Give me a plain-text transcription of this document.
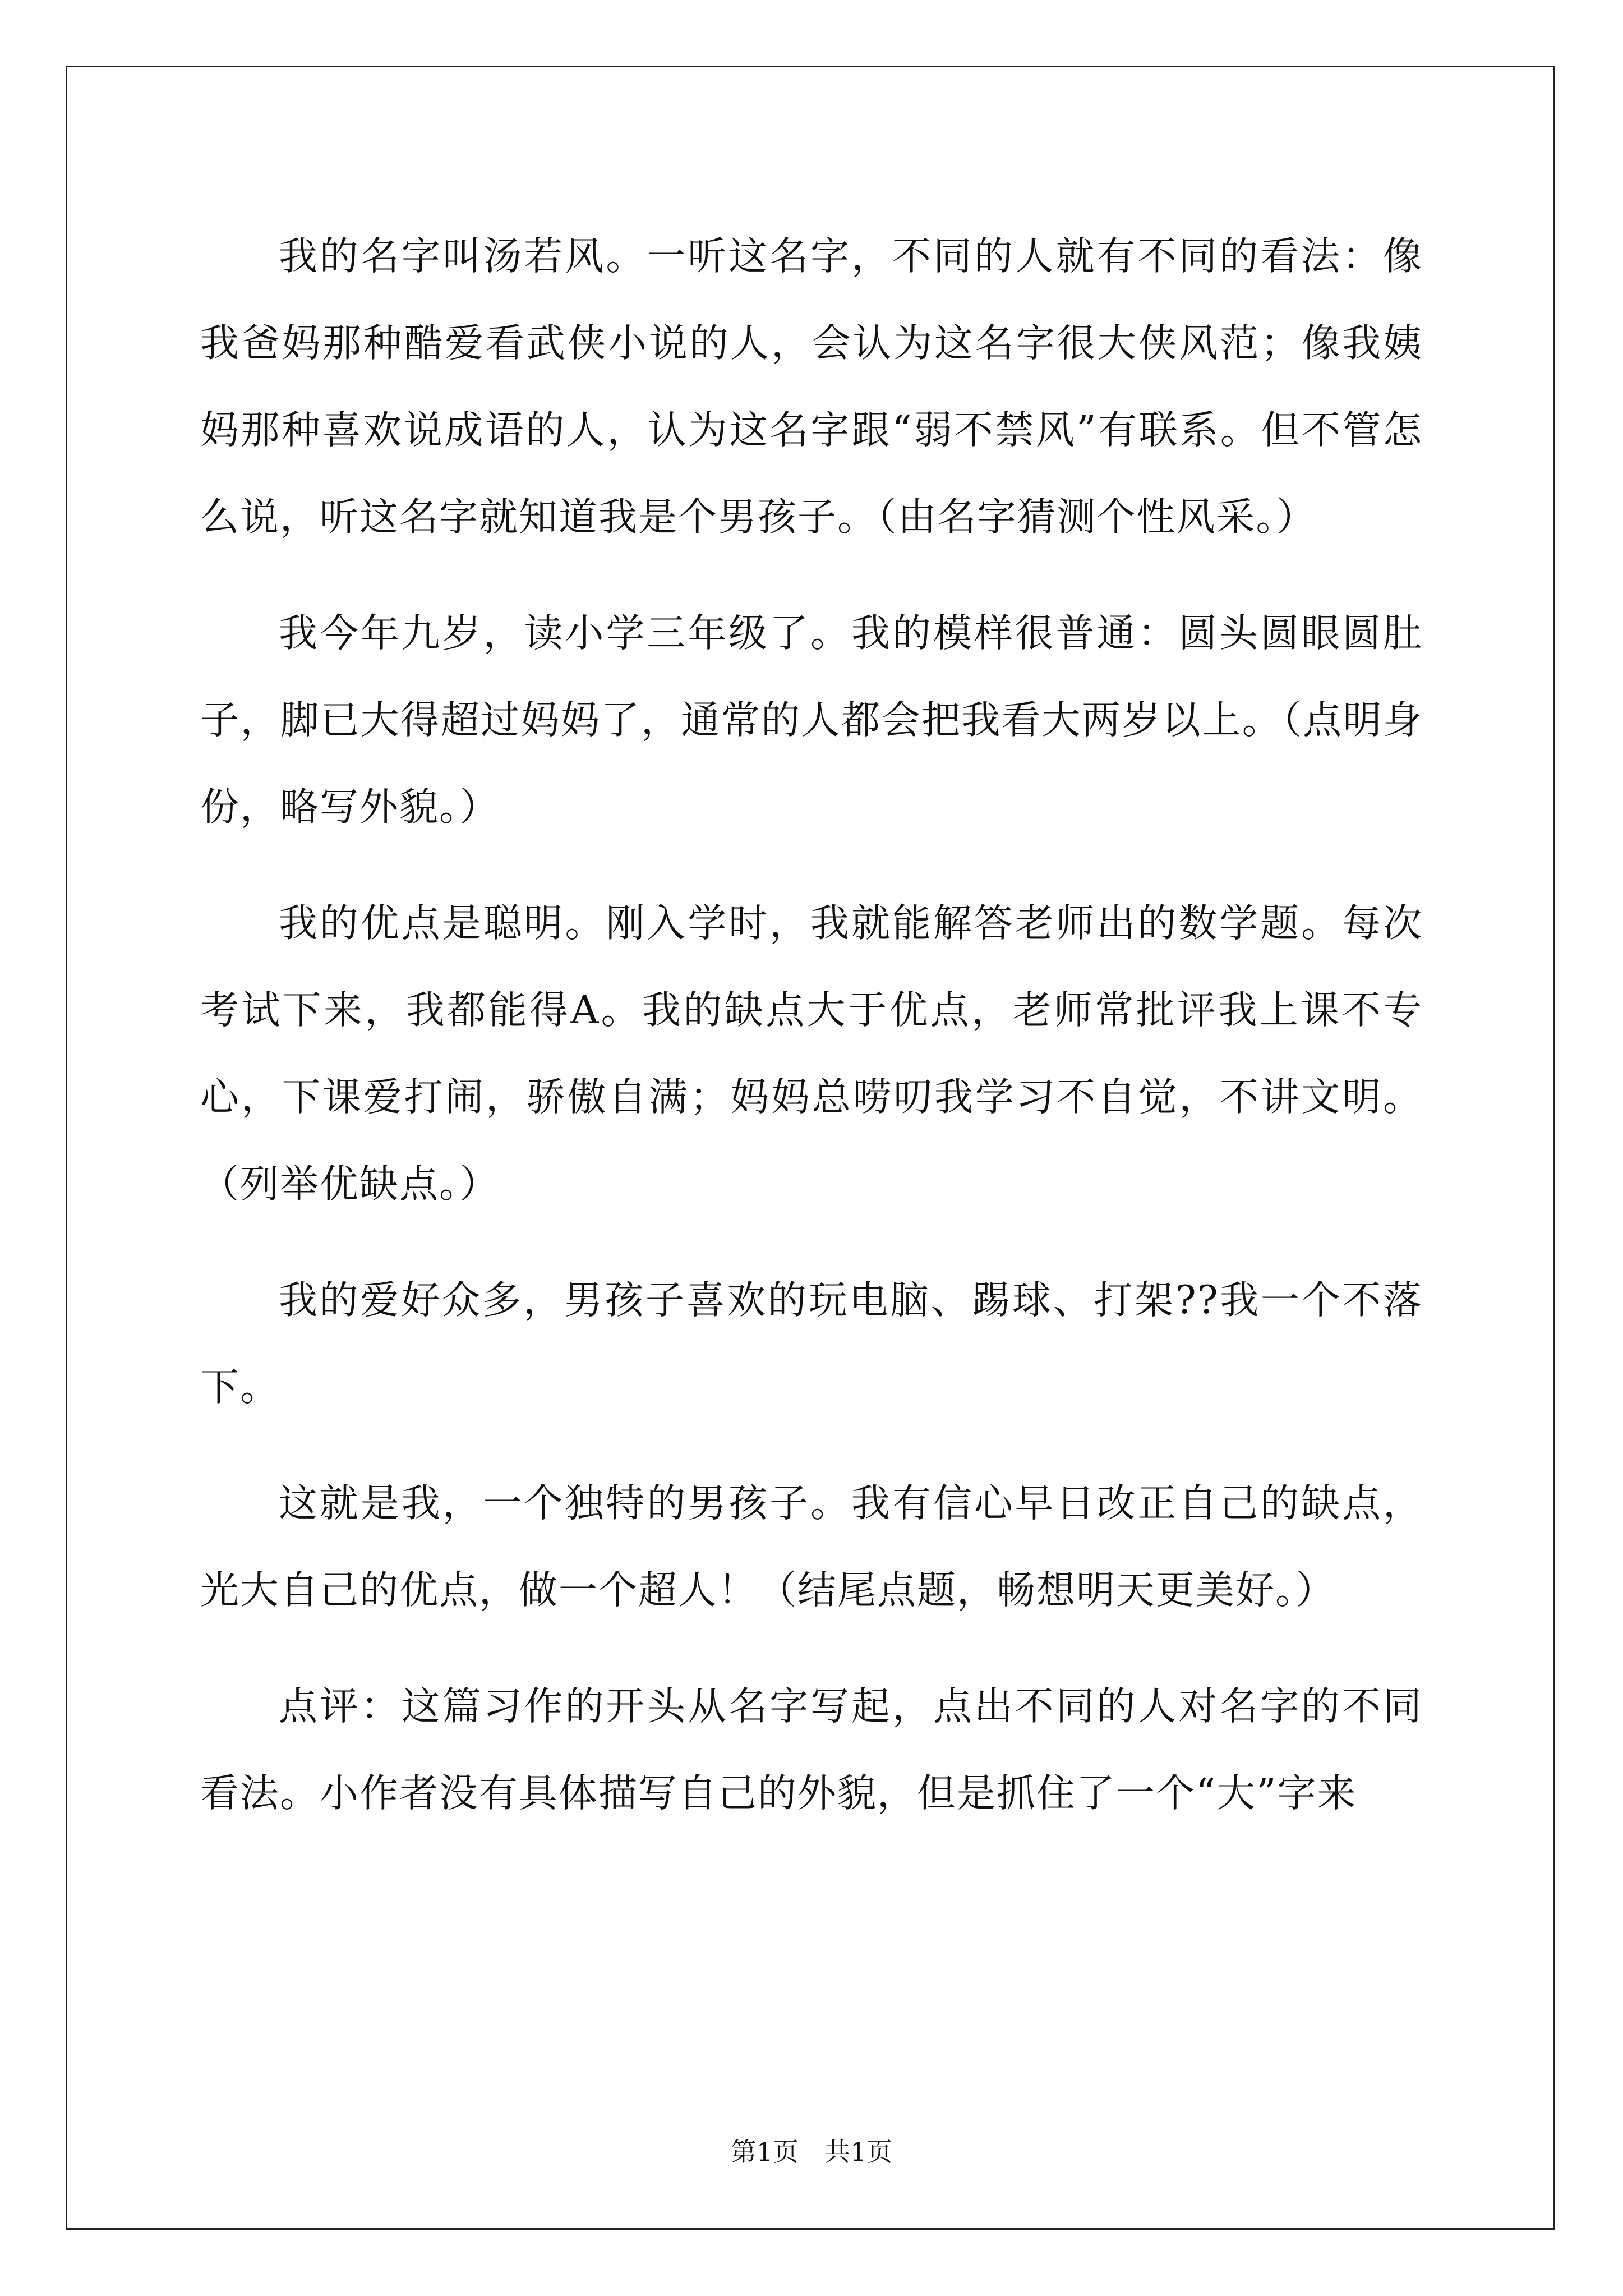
我的名字叫汤若风。一听这名字，不同的人就有不同的看法：像我爸妈那种酷爱看武侠小说的人，会认为这名字很大侠风范；像我姨妈那种喜欢说成语的人，认为这名字跟“弱不禁风”有联系。但不管怎么说，听这名字就知道我是个男孩子。（由名字猜测个性风采。）

我今年九岁，读小学三年级了。我的模样很普通：圆头圆眼圆肚子，脚已大得超过妈妈了，通常的人都会把我看大两岁以上。（点明身份，略写外貌。）

我的优点是聪明。刚入学时，我就能解答老师出的数学题。每次考试下来，我都能得A。我的缺点大于优点，老师常批评我上课不专心，下课爱打闹，骄傲自满；妈妈总唠叨我学习不自觉，不讲文明。（列举优缺点。）

我的爱好众多，男孩子喜欢的玩电脑、踢球、打架??我一个不落下。

这就是我，一个独特的男孩子。我有信心早日改正自己的缺点，光大自己的优点，做一个超人！（结尾点题，畅想明天更美好。）

点评：这篇习作的开头从名字写起，点出不同的人对名字的不同看法。小作者没有具体描写自己的外貌，但是抓住了一个“大”字来

第1页　共1页
